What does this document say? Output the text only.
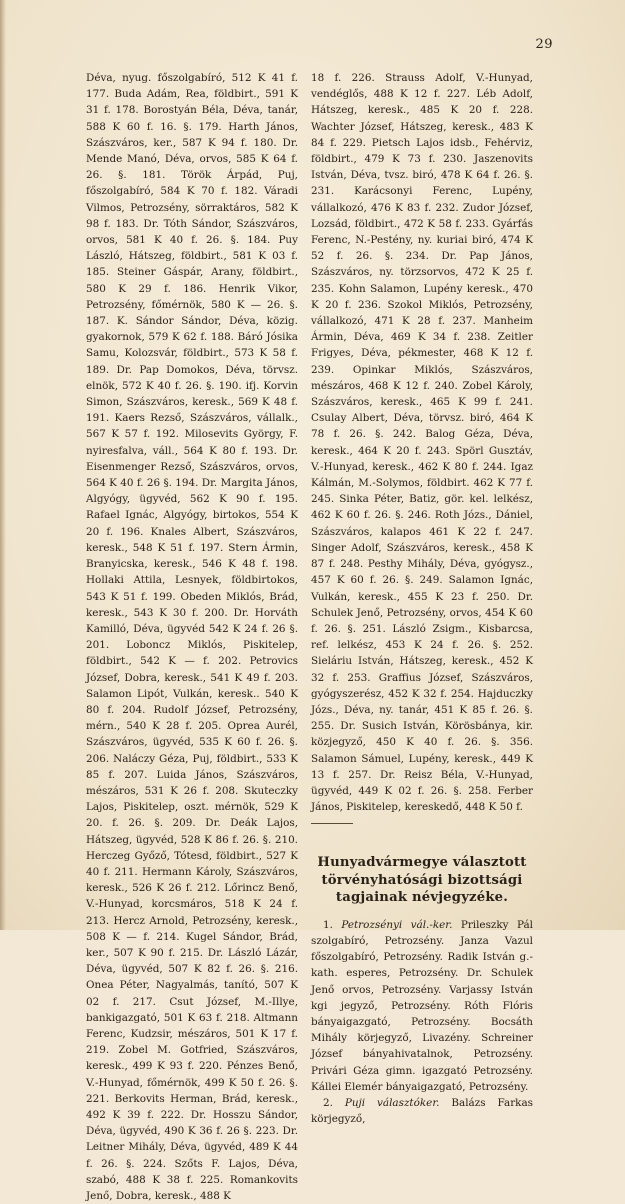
29

Déva, nyug. főszolgabíró, 512 K 41 f. 177. Buda Adám, Rea, földbirt., 591 K 31 f. 178. Borostyán Béla, Déva, tanár, 588 K 60 f. 16. §. 179. Harth János, Szászváros, ker., 587 K 94 f. 180. Dr. Mende Manó, Déva, orvos, 585 K 64 f. 26. §. 181. Török Árpád, Puj, főszolgabíró, 584 K 70 f. 182. Váradi Vilmos, Petrozsény, sörraktáros, 582 K 98 f. 183. Dr. Tóth Sándor, Szászváros, orvos, 581 K 40 f. 26. §. 184. Puy László, Hátszeg, földbirt., 581 K 03 f. 185. Steiner Gáspár, Arany, földbirt., 580 K 29 f. 186. Henrik Vikor, Petrozsény, főmérnök, 580 K — 26. §. 187. K. Sándor Sándor, Déva, közig. gyakornok, 579 K 62 f. 188. Báró Jósika Samu, Kolozsvár, földbirt., 573 K 58 f. 189. Dr. Pap Domokos, Déva, törvsz. elnök, 572 K 40 f. 26. §. 190. ifj. Korvin Simon, Szászváros, keresk., 569 K 48 f. 191. Kaers Rezső, Szászváros, vállalk., 567 K 57 f. 192. Milosevits György, F. nyiresfalva, váll., 564 K 80 f. 193. Dr. Eisenmenger Rezső, Szászváros, orvos, 564 K 40 f. 26 §. 194. Dr. Margita János, Algyógy, ügyvéd, 562 K 90 f. 195. Rafael Ignác, Algyógy, birtokos, 554 K 20 f. 196. Knales Albert, Szászváros, keresk., 548 K 51 f. 197. Stern Ármin, Branyicska, keresk., 546 K 48 f. 198. Hollaki Attila, Lesnyek, földbirtokos, 543 K 51 f. 199. Obeden Miklós, Brád, keresk., 543 K 30 f. 200. Dr. Horváth Kamilló, Déva, ügyvéd 542 K 24 f. 26 §. 201. Loboncz Miklós, Piskitelep, földbirt., 542 K — f. 202. Petrovics József, Dobra, keresk., 541 K 49 f. 203. Salamon Lipót, Vulkán, keresk.. 540 K 80 f. 204. Rudolf József, Petrozsény, mérn., 540 K 28 f. 205. Oprea Aurél, Szászváros, ügyvéd, 535 K 60 f. 26. §. 206. Naláczy Géza, Puj, földbirt., 533 K 85 f. 207. Luida János, Szászváros, mészáros, 531 K 26 f. 208. Skuteczky Lajos, Piskitelep, oszt. mérnök, 529 K 20. f. 26. §. 209. Dr. Deák Lajos, Hátszeg, ügyvéd, 528 K 86 f. 26. §. 210. Herczeg Győző, Tótesd, földbirt., 527 K 40 f. 211. Hermann Károly, Szászváros, keresk., 526 K 26 f. 212. Lőrincz Benő, V.-Hunyad, korcsmáros, 518 K 24 f. 213. Hercz Arnold, Petrozsény, keresk., 508 K — f. 214. Kugel Sándor, Brád, ker., 507 K 90 f. 215. Dr. László Lázár, Déva, ügyvéd, 507 K 82 f. 26. §. 216. Onea Péter, Nagyalmás, tanító, 507 K 02 f. 217. Csut József, M.-Illye, bankigazgató, 501 K 63 f. 218. Altmann Ferenc, Kudzsir, mészáros, 501 K 17 f. 219. Zobel M. Gotfried, Szászváros, keresk., 499 K 93 f. 220. Pénzes Benő, V.-Hunyad, főmérnök, 499 K 50 f. 26. §. 221. Berkovits Herman, Brád, keresk., 492 K 39 f. 222. Dr. Hosszu Sándor, Déva, ügyvéd, 490 K 36 f. 26 §. 223. Dr. Leitner Mihály, Déva, ügyvéd, 489 K 44 f. 26. §. 224. Szőts F. Lajos, Déva, szabó, 488 K 38 f. 225. Romankovits Jenő, Dobra, keresk., 488 K

18 f. 226. Strauss Adolf, V.-Hunyad, vendéglős, 488 K 12 f. 227. Léb Adolf, Hátszeg, keresk., 485 K 20 f. 228. Wachter József, Hátszeg, keresk., 483 K 84 f. 229. Pietsch Lajos idsb., Fehérviz, földbirt., 479 K 73 f. 230. Jaszenovits István, Déva, tvsz. biró, 478 K 64 f. 26. §. 231. Karácsonyi Ferenc, Lupény, vállalkozó, 476 K 83 f. 232. Zudor József, Lozsád, földbirt., 472 K 58 f. 233. Gyárfás Ferenc, N.-Pestény, ny. kuriai biró, 474 K 52 f. 26. §. 234. Dr. Pap János, Szászváros, ny. törzsorvos, 472 K 25 f. 235. Kohn Salamon, Lupény keresk., 470 K 20 f. 236. Szokol Miklós, Petrozsény, vállalkozó, 471 K 28 f. 237. Manheim Ármin, Déva, 469 K 34 f. 238. Zeitler Frigyes, Déva, pékmester, 468 K 12 f. 239. Opinkar Miklós, Szászváros, mészáros, 468 K 12 f. 240. Zobel Károly, Szászváros, keresk., 465 K 99 f. 241. Csulay Albert, Déva, törvsz. biró, 464 K 78 f. 26. §. 242. Balog Géza, Déva, keresk., 464 K 20 f. 243. Spörl Gusztáv, V.-Hunyad, keresk., 462 K 80 f. 244. Igaz Kálmán, M.-Solymos, földbirt. 462 K 77 f. 245. Sinka Péter, Batiz, gör. kel. lelkész, 462 K 60 f. 26. §. 246. Roth Józs., Dániel, Szászváros, kalapos 461 K 22 f. 247. Singer Adolf, Szászváros, keresk., 458 K 87 f. 248. Pesthy Mihály, Déva, gyógysz., 457 K 60 f. 26. §. 249. Salamon Ignác, Vulkán, keresk., 455 K 23 f. 250. Dr. Schulek Jenő, Petrozsény, orvos, 454 K 60 f. 26. §. 251. László Zsigm., Kisbarcsa, ref. lelkész, 453 K 24 f. 26. §. 252. Sieláriu István, Hátszeg, keresk., 452 K 32 f. 253. Graffius József, Szászváros, gyógyszerész, 452 K 32 f. 254. Hajduczky Józs., Déva, ny. tanár, 451 K 85 f. 26. §. 255. Dr. Susich István, Körösbánya, kir. közjegyző, 450 K 40 f. 26. §. 356. Salamon Sámuel, Lupény, keresk., 449 K 13 f. 257. Dr. Reisz Béla, V.-Hunyad, ügyvéd, 449 K 02 f. 26. §. 258. Ferber János, Piskitelep, kereskedő, 448 K 50 f.

Hunyadvármegye választott törvényhatósági bizottsági tagjainak névjegyzéke.

1. Petrozsényi vál.-ker. Prileszky Pál szolgabíró, Petrozsény. Janza Vazul főszolgabíró, Petrozsény. Radik István g.-kath. esperes, Petrozsény. Dr. Schulek Jenő orvos, Petrozsény. Varjassy István kgi jegyző, Petrozsény. Róth Flóris bányaigazgató, Petrozsény. Bocsáth Mihály körjegyző, Livazény. Schreiner József bányahivatalnok, Petrozsény. Privári Géza gimn. igazgató Petrozsény. Kállei Elemér bányaigazgató, Petrozsény.

2. Puji választóker. Balázs Farkas körjegyző,
